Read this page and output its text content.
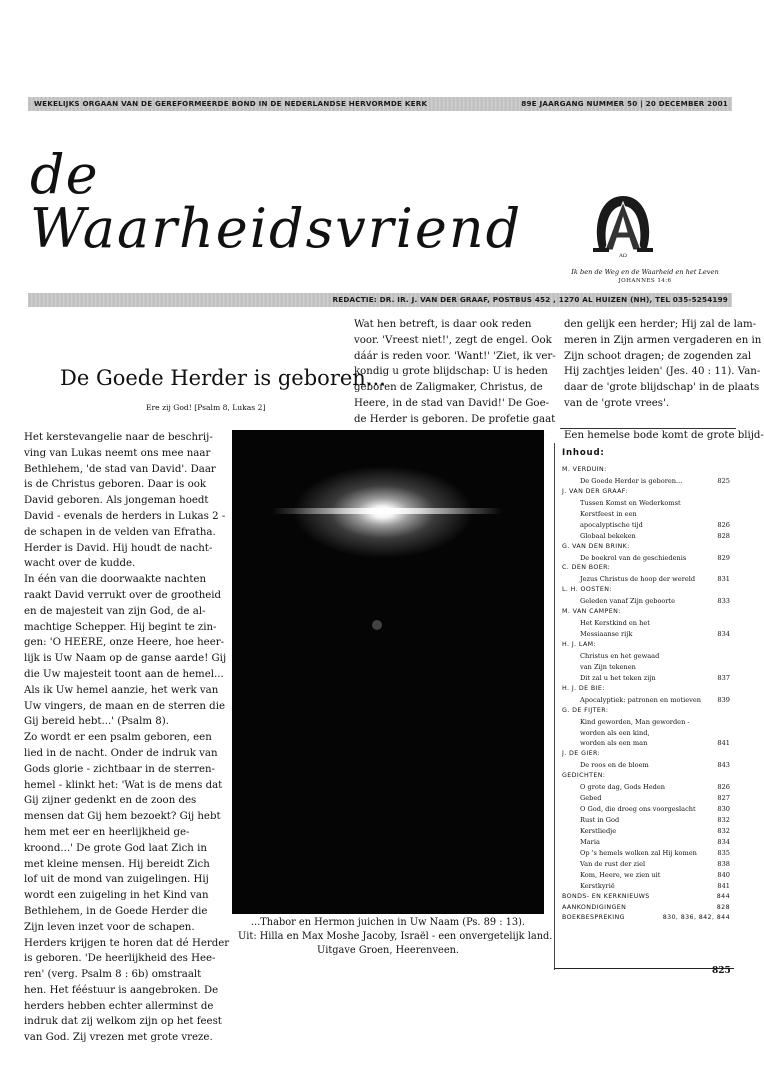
WEKELIJKS ORGAAN VAN DE GEREFORMEERDE BOND IN DE NEDERLANDSE HERVORMDE KERK	89E JAARGANG NUMMER 50 | 20 DECEMBER 2001
de
Waarheidsvriend	AΩ
Ik ben de Weg en de Waarheid en het Leven
JOHANNES 14:6
REDACTIE: DR. IR. J. VAN DER GRAAF, POSTBUS 452 , 1270 AL HUIZEN (NH), TEL 035-5254199
De Goede Herder is geboren...
Ere zij God! [Psalm 8, Lukas 2]
Het kerstevangelie naar de beschrij-
ving van Lukas neemt ons mee naar
Bethlehem, 'de stad van David'. Daar
is de Christus geboren. Daar is ook
David geboren. Als jongeman hoedt
David - evenals de herders in Lukas 2 -
de schapen in de velden van Efratha.
Herder is David. Hij houdt de nacht-
wacht over de kudde.
In één van die doorwaakte nachten
raakt David verrukt over de grootheid
en de majesteit van zijn God, de al-
machtige Schepper. Hij begint te zin-
gen: 'O HEERE, onze Heere, hoe heer-
lijk is Uw Naam op de ganse aarde! Gij
die Uw majesteit toont aan de hemel...
Als ik Uw hemel aanzie, het werk van
Uw vingers, de maan en de sterren die
Gij bereid hebt...' (Psalm 8).
Zo wordt er een psalm geboren, een
lied in de nacht. Onder de indruk van
Gods glorie - zichtbaar in de sterren-
hemel - klinkt het: 'Wat is de mens dat
Gij zijner gedenkt en de zoon des
mensen dat Gij hem bezoekt? Gij hebt
hem met eer en heerlijkheid ge-
kroond...' De grote God laat Zich in
met kleine mensen. Hij bereidt Zich
lof uit de mond van zuigelingen. Hij
wordt een zuigeling in het Kind van
Bethlehem, in de Goede Herder die
Zijn leven inzet voor de schapen.
Herders krijgen te horen dat dé Herder
is geboren. 'De heerlijkheid des Hee-
ren' (verg. Psalm 8 : 6b) omstraalt
hen. Het fééstuur is aangebroken. De
herders hebben echter allerminst de
indruk dat zij welkom zijn op het feest
van God. Zij vrezen met grote vreze.
Wat hen betreft, is daar ook reden
voor. 'Vreest niet!', zegt de engel. Ook
dáár is reden voor. 'Want!' 'Ziet, ik ver-
kondig u grote blijdschap: U is heden
geboren de Zaligmaker, Christus, de
Heere, in de stad van David!' De Goe-
de Herder is geboren. De profetie gaat
den gelijk een herder; Hij zal de lam-
meren in Zijn armen vergaderen en in
Zijn schoot dragen; de zogenden zal
Hij zachtjes leiden' (Jes. 40 : 11). Van-
daar de 'grote blijdschap' in de plaats
van de 'grote vrees'.
Een hemelse bode komt de grote blijd-
...Thabor en Hermon juichen in Uw Naam (Ps. 89 : 13).
Uit: Hilla en Max Moshe Jacoby, Israël - een onvergetelijk land.
Uitgave Groen, Heerenveen.
Inhoud:
M. VERDUIN:
De Goede Herder is geboren...	825
J. VAN DER GRAAF:
Tussen Komst en Wederkomst
Kerstfeest in een
apocalyptische tijd	826
Globaal bekeken	828
G. VAN DEN BRINK:
De boekrol van de geschiedenis	829
C. DEN BOER:
Jezus Christus de hoop der wereld	831
L. H. OOSTEN:
Geleden vanaf Zijn geboorte	833
M. VAN CAMPEN:
Het Kerstkind en het
Messiaanse rijk	834
H. J. LAM:
Christus en het gewaad
van Zijn tekenen
Dit zal u het teken zijn	837
H. J. DE BIE:
Apocalyptiek: patronen en motieven 839
G. DE FIJTER:
Kind geworden, Man geworden -
worden als een kind,
worden als een man	841
J. DE GIER:
De roos en de bloem	843
GEDICHTEN:
O grote dag, Gods Heden	826
Gebed	827
O God, die droeg ons voorgeslacht	830
Rust in God	832
Kerstliedje	832
Maria	834
Op 's hemels wolken zal Hij komen	835
Van de rust der ziel	838
Kom, Heere, we zien uit	840
Kerstkyrië	841
BONDS- EN KERKNIEUWS	844
AANKONDIGINGEN	828
BOEKBESPREKING	830, 836, 842, 844
825
